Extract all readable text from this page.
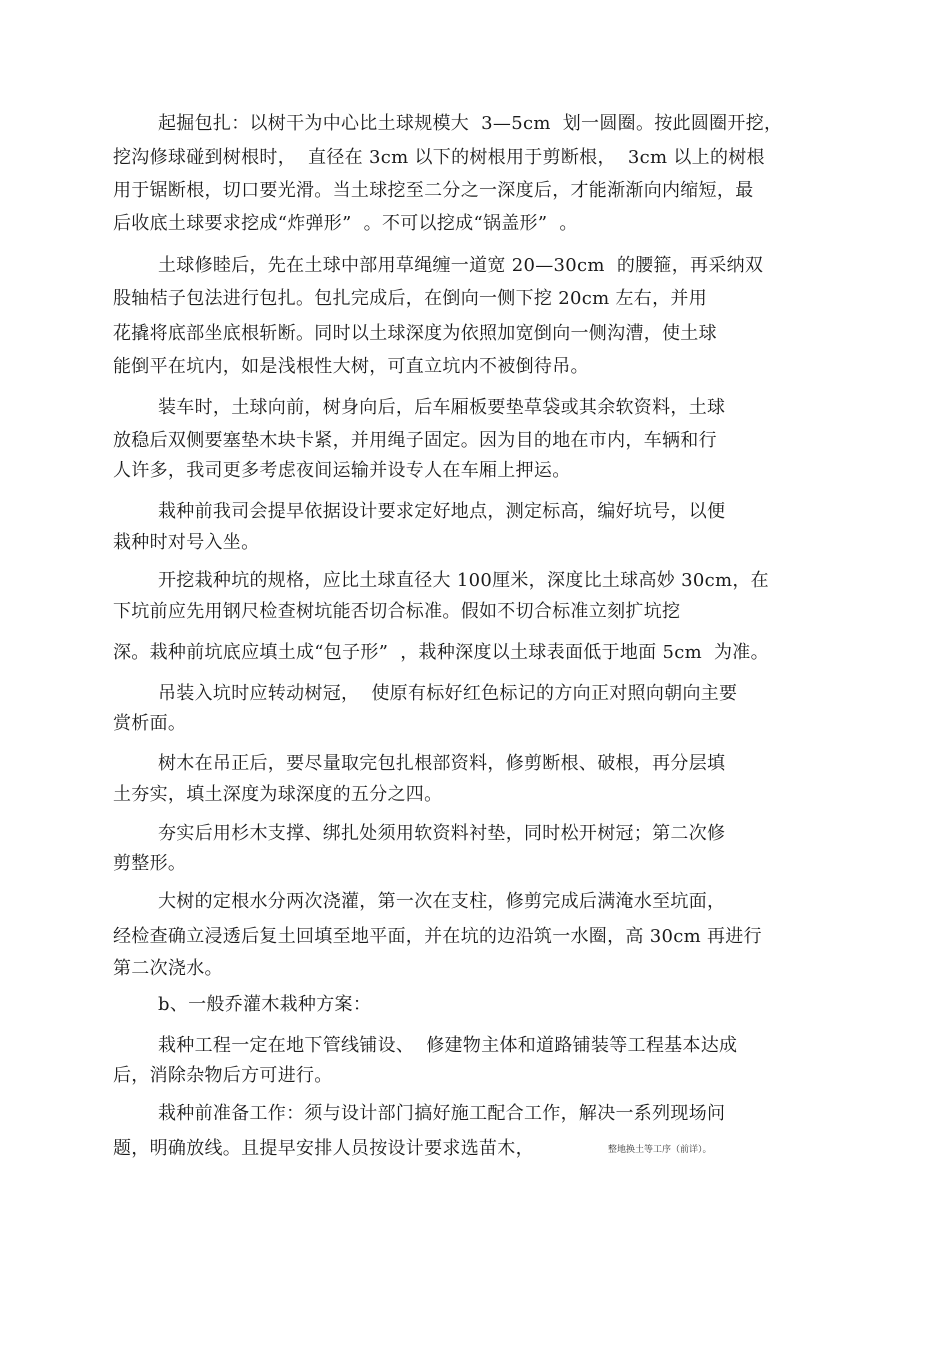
起掘包扎：以树干为中心比土球规模大  3—5cm  划一圆圈。按此圆圈开挖，
挖沟修球碰到树根时，  直径在 3cm 以下的树根用于剪断根，  3cm 以上的树根
用于锯断根，切口要光滑。当土球挖至二分之一深度后，才能渐渐向内缩短，最
后收底土球要求挖成“炸弹形”  。不可以挖成“锅盖形”  。
土球修睦后，先在土球中部用草绳缠一道宽 20—30cm  的腰箍，再采纳双
股轴桔子包法进行包扎。包扎完成后，在倒向一侧下挖 20cm 左右，并用
花撬将底部坐底根斩断。同时以土球深度为依照加宽倒向一侧沟漕，使土球
能倒平在坑内，如是浅根性大树，可直立坑内不被倒待吊。
装车时，土球向前，树身向后，后车厢板要垫草袋或其余软资料，土球
放稳后双侧要塞垫木块卡紧，并用绳子固定。因为目的地在市内，车辆和行
人许多，我司更多考虑夜间运输并设专人在车厢上押运。
栽种前我司会提早依据设计要求定好地点，测定标高，编好坑号，以便
栽种时对号入坐。
开挖栽种坑的规格，应比土球直径大 100厘米，深度比土球高妙 30cm，在
下坑前应先用钢尺检查树坑能否切合标准。假如不切合标准立刻扩坑挖
深。栽种前坑底应填土成“包子形”  ，栽种深度以土球表面低于地面 5cm  为准。
吊装入坑时应转动树冠，  使原有标好红色标记的方向正对照向朝向主要
赏析面。
树木在吊正后，要尽量取完包扎根部资料，修剪断根、破根，再分层填
土夯实，填土深度为球深度的五分之四。
夯实后用杉木支撑、绑扎处须用软资料衬垫，同时松开树冠；第二次修
剪整形。
大树的定根水分两次浇灌，第一次在支柱，修剪完成后满淹水至坑面，
经检查确立浸透后复土回填至地平面，并在坑的边沿筑一水圈，高 30cm 再进行
第二次浇水。
b、一般乔灌木栽种方案：
栽种工程一定在地下管线铺设、  修建物主体和道路铺装等工程基本达成
后，消除杂物后方可进行。
栽种前准备工作：须与设计部门搞好施工配合工作，解决一系列现场问
题，明确放线。且提早安排人员按设计要求选苗木，	整地换土等工序（前详）。
